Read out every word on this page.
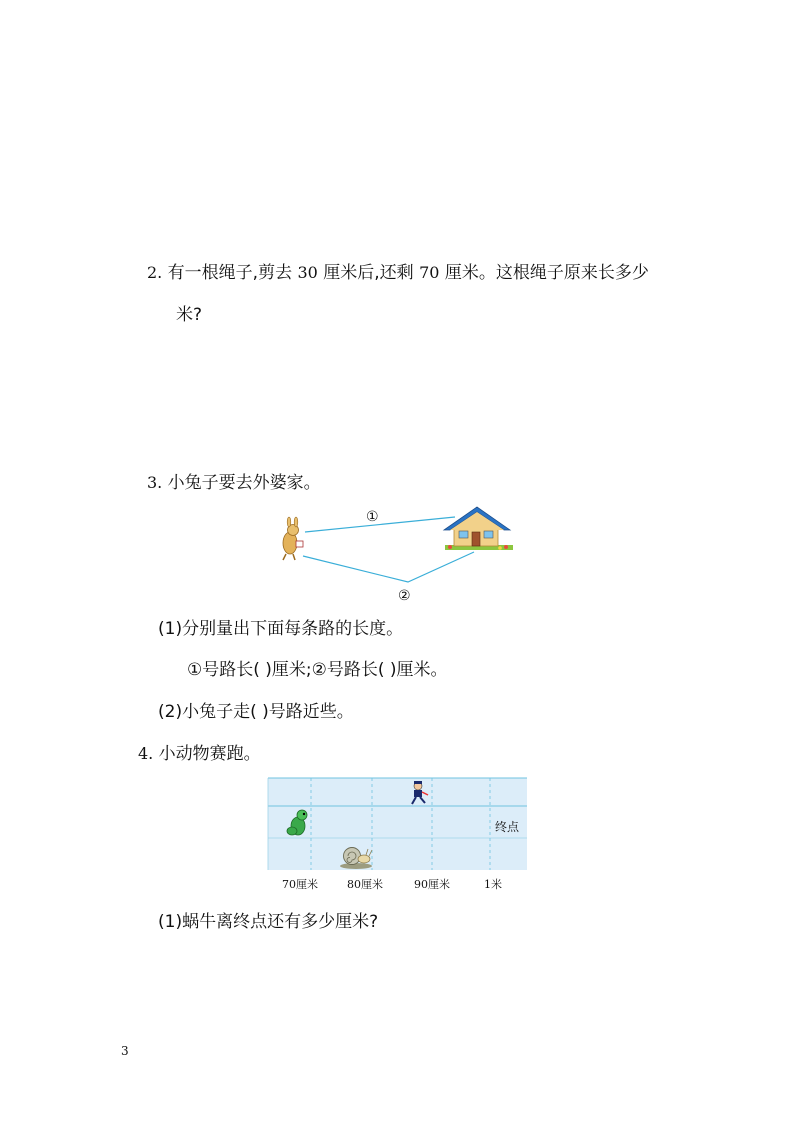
2. 有一根绳子,剪去 30 厘米后,还剩 70 厘米。这根绳子原来长多少
米?
3. 小兔子要去外婆家。
①
②
(1)分别量出下面每条路的长度。
①号路长( )厘米;②号路长( )厘米。
(2)小兔子走( )号路近些。
4. 小动物赛跑。
终点
70厘米	80厘米	90厘米	1米
(1)蜗牛离终点还有多少厘米?
3
